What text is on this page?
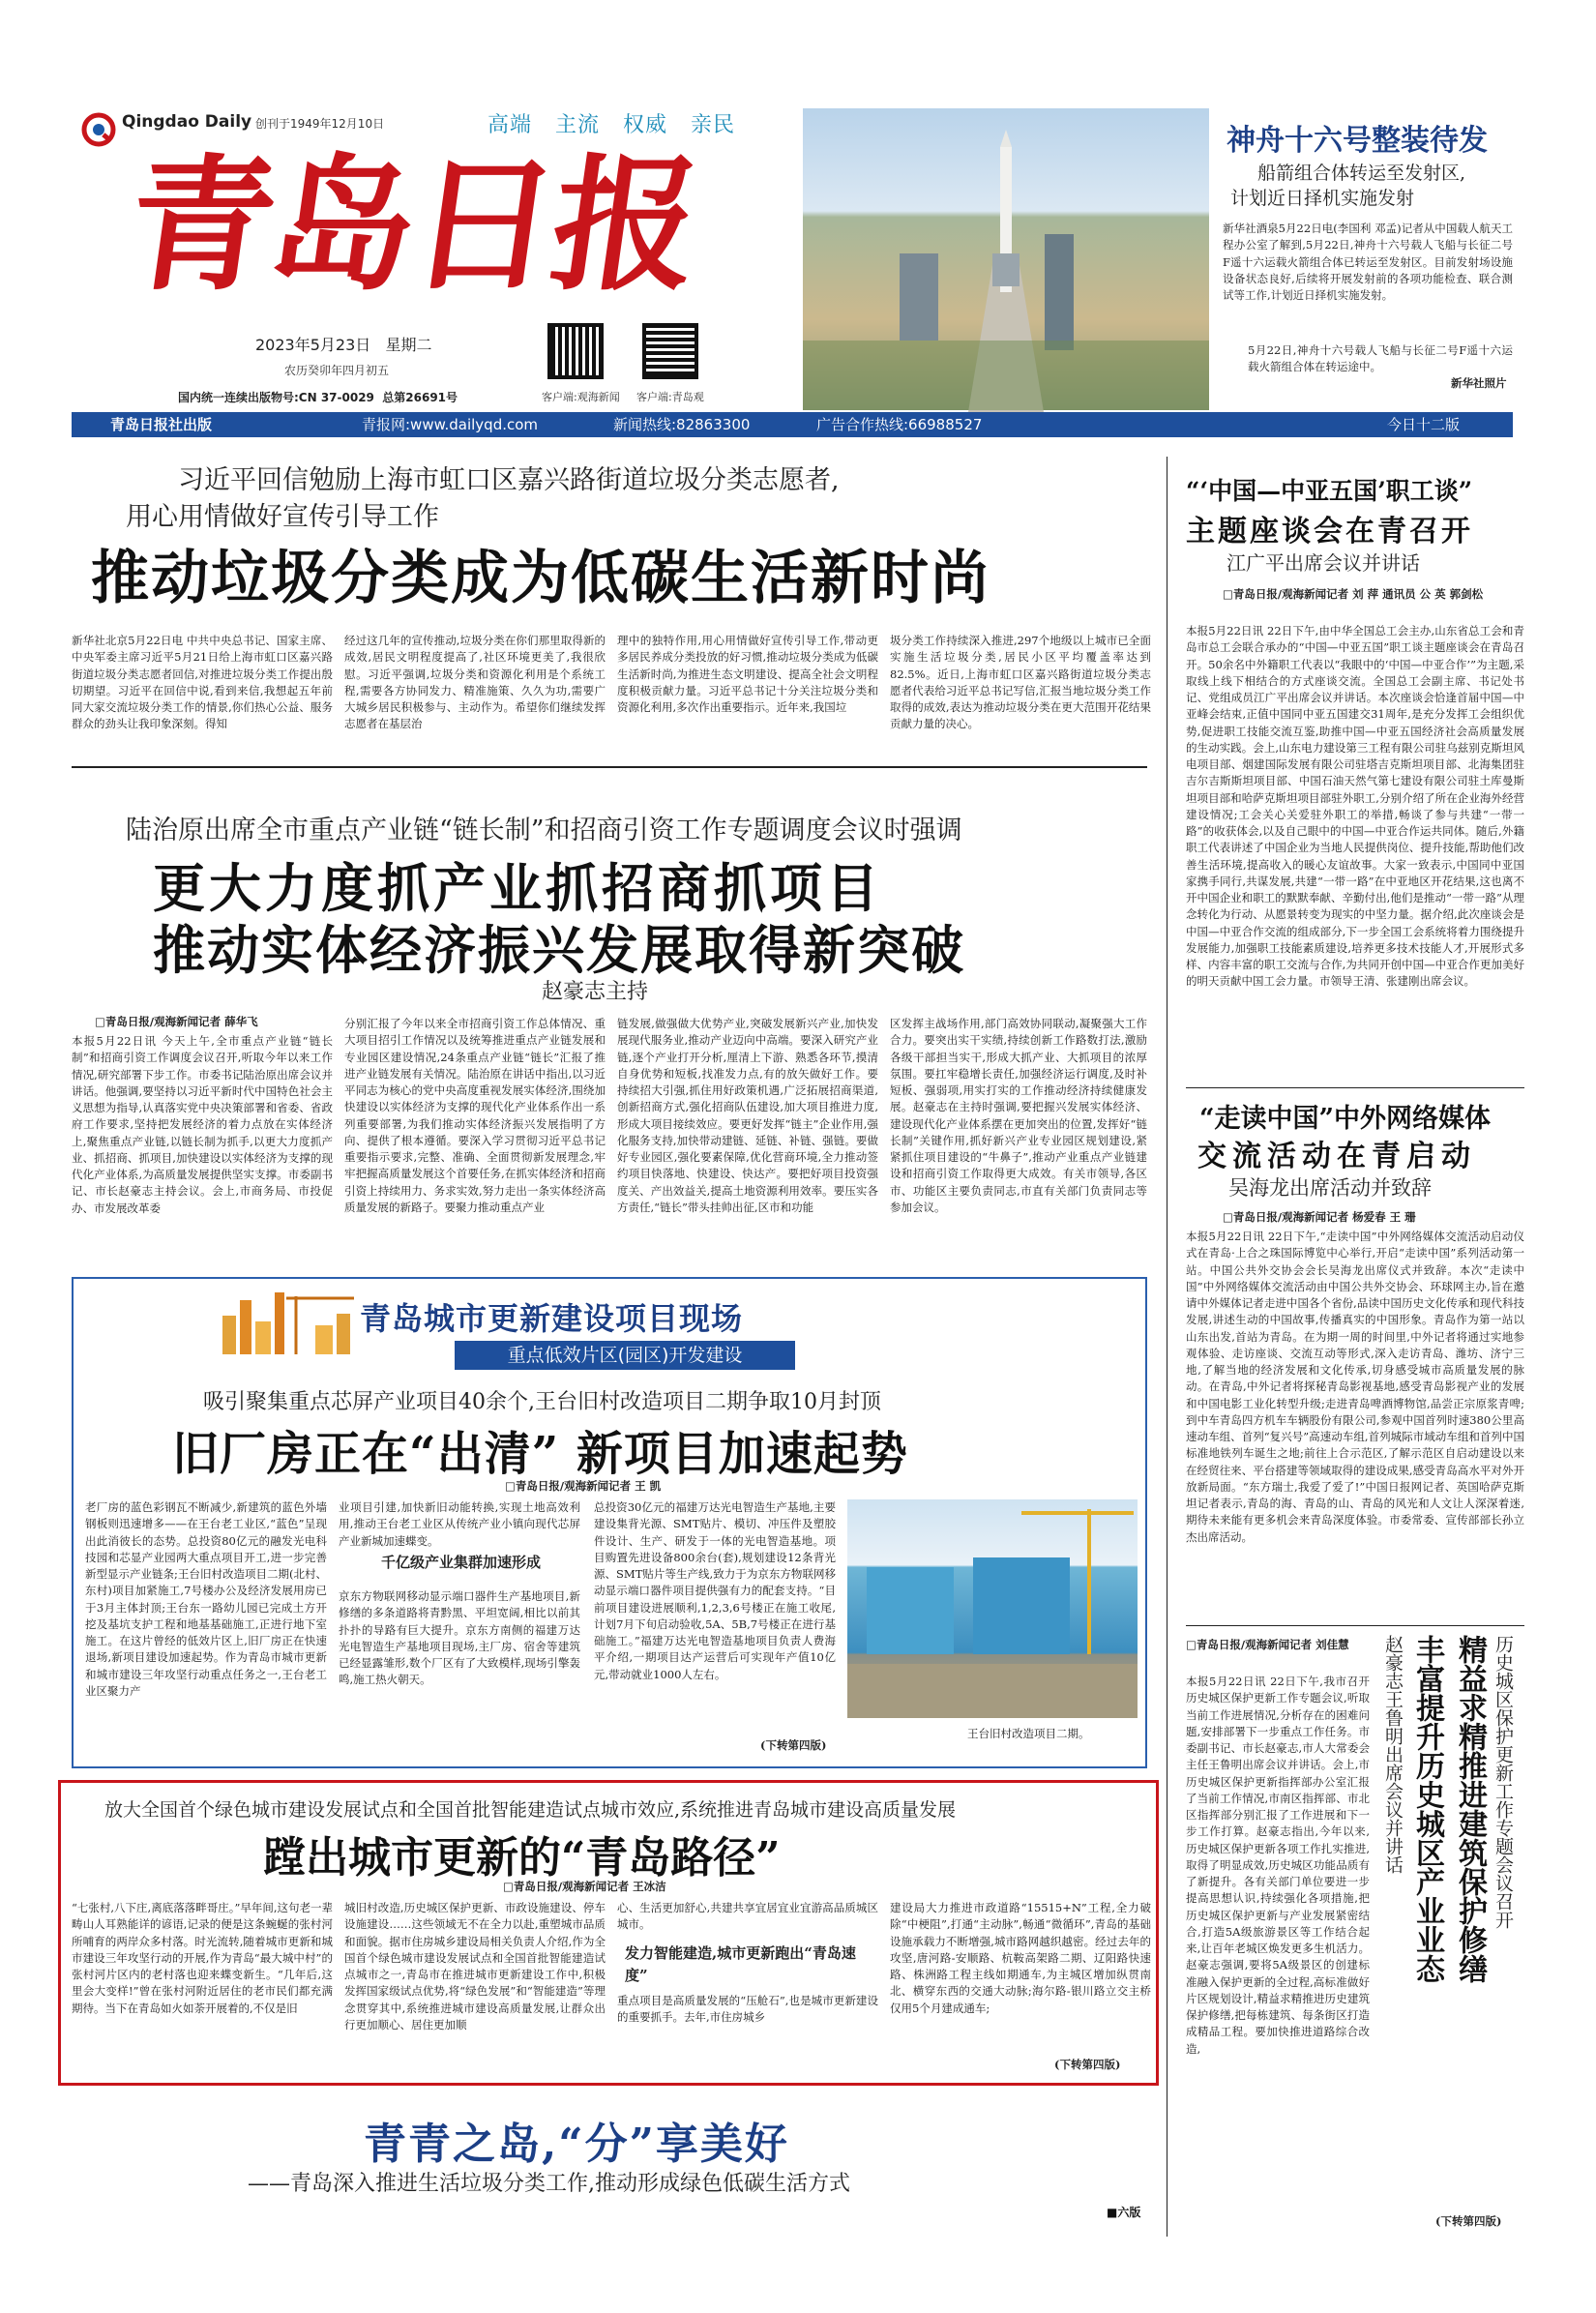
Qingdao Daily 创刊于1949年12月10日	高端 主流 权威 亲民
青岛日报
2023年5月23日 星期二
农历癸卯年四月初五
国内统一连续出版物号:CN 37-0029 总第26691号	客户端:观海新闻 客户端:青岛观
神舟十六号整装待发
船箭组合体转运至发射区,
计划近日择机实施发射
新华社酒泉5月22日电(李国利 邓孟)记者从中国载人航天工程办公室了解到,5月22日,神舟十六号载人飞船与长征二号F遥十六运载火箭组合体已转运至发射区。目前发射场设施设备状态良好,后续将开展发射前的各项功能检查、联合测试等工作,计划近日择机实施发射。
5月22日,神舟十六号载人飞船与长征二号F遥十六运载火箭组合体在转运途中。
新华社照片
青岛日报社出版	青报网:www.dailyqd.com	新闻热线:82863300	广告合作热线:66988527	今日十二版
习近平回信勉励上海市虹口区嘉兴路街道垃圾分类志愿者,
用心用情做好宣传引导工作
推动垃圾分类成为低碳生活新时尚
新华社北京5月22日电 中共中央总书记、国家主席、中央军委主席习近平5月21日给上海市虹口区嘉兴路街道垃圾分类志愿者回信,对推进垃圾分类工作提出殷切期望。习近平在回信中说,看到来信,我想起五年前同大家交流垃圾分类工作的情景,你们热心公益、服务群众的劲头让我印象深刻。得知
经过这几年的宣传推动,垃圾分类在你们那里取得新的成效,居民文明程度提高了,社区环境更美了,我很欣慰。习近平强调,垃圾分类和资源化利用是个系统工程,需要各方协同发力、精准施策、久久为功,需要广大城乡居民积极参与、主动作为。希望你们继续发挥志愿者在基层治
理中的独特作用,用心用情做好宣传引导工作,带动更多居民养成分类投放的好习惯,推动垃圾分类成为低碳生活新时尚,为推进生态文明建设、提高全社会文明程度积极贡献力量。习近平总书记十分关注垃圾分类和资源化利用,多次作出重要指示。近年来,我国垃
圾分类工作持续深入推进,297个地级以上城市已全面实施生活垃圾分类,居民小区平均覆盖率达到82.5%。近日,上海市虹口区嘉兴路街道垃圾分类志愿者代表给习近平总书记写信,汇报当地垃圾分类工作取得的成效,表达为推动垃圾分类在更大范围开花结果贡献力量的决心。
陆治原出席全市重点产业链“链长制”和招商引资工作专题调度会议时强调
更大力度抓产业抓招商抓项目
推动实体经济振兴发展取得新突破
赵豪志主持
□青岛日报/观海新闻记者 薛华飞
本报5月22日讯 今天上午,全市重点产业链“链长制”和招商引资工作调度会议召开,听取今年以来工作情况,研究部署下步工作。市委书记陆治原出席会议并讲话。他强调,要坚持以习近平新时代中国特色社会主义思想为指导,认真落实党中央决策部署和省委、省政府工作要求,坚持把发展经济的着力点放在实体经济上,聚焦重点产业链,以链长制为抓手,以更大力度抓产业、抓招商、抓项目,加快建设以实体经济为支撑的现代化产业体系,为高质量发展提供坚实支撑。市委副书记、市长赵豪志主持会议。会上,市商务局、市投促办、市发展改革委
分别汇报了今年以来全市招商引资工作总体情况、重大项目招引工作情况以及统筹推进重点产业链发展和专业园区建设情况,24条重点产业链“链长”汇报了推进产业链发展有关情况。陆治原在讲话中指出,以习近平同志为核心的党中央高度重视发展实体经济,围绕加快建设以实体经济为支撑的现代化产业体系作出一系列重要部署,为我们推动实体经济振兴发展指明了方向、提供了根本遵循。要深入学习贯彻习近平总书记重要指示要求,完整、准确、全面贯彻新发展理念,牢牢把握高质量发展这个首要任务,在抓实体经济和招商引资上持续用力、务求实效,努力走出一条实体经济高质量发展的新路子。要聚力推动重点产业
链发展,做强做大优势产业,突破发展新兴产业,加快发展现代服务业,推动产业迈向中高端。要深入研究产业链,逐个产业打开分析,厘清上下游、熟悉各环节,摸清自身优势和短板,找准发力点,有的放矢做好工作。要持续招大引强,抓住用好政策机遇,广泛拓展招商渠道,创新招商方式,强化招商队伍建设,加大项目推进力度,形成大项目接续效应。要更好发挥“链主”企业作用,强化服务支持,加快带动建链、延链、补链、强链。要做好专业园区,强化要素保障,优化营商环境,全力推动签约项目快落地、快建设、快达产。要把好项目投资强度关、产出效益关,提高土地资源利用效率。要压实各方责任,“链长”带头挂帅出征,区市和功能
区发挥主战场作用,部门高效协同联动,凝聚强大工作合力。要突出实干实绩,持续创新工作路数打法,激励各级干部担当实干,形成大抓产业、大抓项目的浓厚氛围。要扛牢稳增长责任,加强经济运行调度,及时补短板、强弱项,用实打实的工作推动经济持续健康发展。赵豪志在主持时强调,要把握兴发展实体经济、建设现代化产业体系摆在更加突出的位置,发挥好“链长制”关键作用,抓好新兴产业专业园区规划建设,紧紧抓住项目建设的“牛鼻子”,推动产业重点产业链建设和招商引资工作取得更大成效。有关市领导,各区市、功能区主要负责同志,市直有关部门负责同志等参加会议。
青岛城市更新建设项目现场
重点低效片区(园区)开发建设
吸引聚集重点芯屏产业项目40余个,王台旧村改造项目二期争取10月封顶
旧厂房正在“出清” 新项目加速起势
□青岛日报/观海新闻记者 王 凯
老厂房的蓝色彩钢瓦不断减少,新建筑的蓝色外墙钢板则迅速增多——在王台老工业区,“蓝色”呈现出此消彼长的态势。总投资80亿元的融发光电科技园和芯显产业园两大重点项目开工,进一步完善新型显示产业链条;王台旧村改造项目二期(北村、东村)项目加紧施工,7号楼办公及经济发展用房已于3月主体封顶;王台东一路幼儿园已完成土方开挖及基坑支护工程和地基基础施工,正进行地下室施工。在这片曾经的低效片区上,旧厂房正在快速退场,新项目建设加速起势。作为青岛市城市更新和城市建设三年攻坚行动重点任务之一,王台老工业区聚力产
业项目引建,加快新旧动能转换,实现土地高效利用,推动王台老工业区从传统产业小镇向现代芯屏产业新城加速蝶变。
千亿级产业集群加速形成
京东方物联网移动显示端口器件生产基地项目,新修缮的多条道路将青黔黑、平坦宽阔,相比以前其扑扑的导路有巨大提升。京东方南侧的福建万达光电智造生产基地项目现场,主厂房、宿舍等建筑已经显露雏形,数个厂区有了大致模样,现场引擎轰鸣,施工热火朝天。
总投资30亿元的福建万达光电智造生产基地,主要建设集背光源、SMT贴片、模切、冲压件及塑胶件设计、生产、研发于一体的光电智造基地。项目购置先进设备800余台(套),规划建设12条背光源、SMT贴片等生产线,致力于为京东方物联网移动显示端口器件项目提供强有力的配套支持。“目前项目建设进展顺利,1,2,3,6号楼正在施工收尾,计划7月下旬启动验收,5A、5B,7号楼正在进行基础施工。”福建万达光电智造基地项目负责人费海平介绍,一期项目达产运营后可实现年产值10亿元,带动就业1000人左右。
(下转第四版)
王台旧村改造项目二期。
放大全国首个绿色城市建设发展试点和全国首批智能建造试点城市效应,系统推进青岛城市建设高质量发展
蹚出城市更新的“青岛路径”
□青岛日报/观海新闻记者 王冰洁
“七张村,八下庄,离底落落畔哥庄。”早年间,这句老一辈畴山人耳熟能详的谚语,记录的便是这条蜿蜒的张村河所哺育的两岸众多村落。时光流转,随着城市更新和城市建设三年攻坚行动的开展,作为青岛“最大城中村”的张村河片区内的老村落也迎来蝶变新生。“几年后,这里会大变样!”曾在张村河附近居住的老市民们都充满期待。当下在青岛如火如荼开展着的,不仅是旧
城旧村改造,历史城区保护更新、市政设施建设、停车设施建设……这些领域无不在全力以赴,重塑城市品质和面貌。据市住房城乡建设局相关负责人介绍,作为全国首个绿色城市建设发展试点和全国首批智能建造试点城市之一,青岛市在推进城市更新建设工作中,积极发挥国家级试点优势,将“绿色发展”和“智能建造”等理念贯穿其中,系统推进城市建设高质量发展,让群众出行更加顺心、居住更加顺
心、生活更加舒心,共建共享宜居宜业宜游高品质城区城市。
发力智能建造,城市更新跑出“青岛速度”
重点项目是高质量发展的“压舱石”,也是城市更新建设的重要抓手。去年,市住房城乡
建设局大力推进市政道路“15515+N”工程,全力破除“中梗阻”,打通“主动脉”,畅通“微循环”,青岛的基础设施承载力不断增强,城市路网越织越密。经过去年的攻坚,唐河路-安顺路、杭鞍高架路二期、辽阳路快速路、株洲路工程主线如期通车,为主城区增加纵贯南北、横穿东西的交通大动脉;海尔路-银川路立交主桥仅用5个月建成通车;
(下转第四版)
青青之岛,“分”享美好
——青岛深入推进生活垃圾分类工作,推动形成绿色低碳生活方式
■六版
“‘中国—中亚五国’职工谈”
主题座谈会在青召开
江广平出席会议并讲话
□青岛日报/观海新闻记者 刘 萍 通讯员 公 英 郭剑松
本报5月22日讯 22日下午,由中华全国总工会主办,山东省总工会和青岛市总工会联合承办的“中国—中亚五国”职工谈主题座谈会在青岛召开。50余名中外籍职工代表以“我眼中的‘中国—中亚合作’”为主题,采取线上线下相结合的方式座谈交流。全国总工会副主席、书记处书记、党组成员江广平出席会议并讲话。本次座谈会恰逢首届中国—中亚峰会结束,正值中国同中亚五国建交31周年,是充分发挥工会组织优势,促进职工技能交流互鉴,助推中国—中亚五国经济社会高质量发展的生动实践。会上,山东电力建设第三工程有限公司驻乌兹别克斯坦风电项目部、烟建国际发展有限公司驻塔吉克斯坦项目部、北海集团驻吉尔吉斯斯坦项目部、中国石油天然气第七建设有限公司驻土库曼斯坦项目部和哈萨克斯坦项目部驻外职工,分别介绍了所在企业海外经营建设情况;工会关心关爱驻外职工的举措,畅谈了参与共建“一带一路”的收获体会,以及自己眼中的中国—中亚合作运共同体。随后,外籍职工代表讲述了中国企业为当地人民提供岗位、提升技能,帮助他们改善生活环境,提高收入的暖心友谊故事。大家一致表示,中国同中亚国家携手同行,共谋发展,共建“一带一路”在中亚地区开花结果,这也离不开中国企业和职工的默默奉献、辛勤付出,他们是推动“一带一路”从理念转化为行动、从愿景转变为现实的中坚力量。据介绍,此次座谈会是中国—中亚合作交流的组成部分,下一步全国工会系统将着力围绕提升发展能力,加强职工技能素质建设,培养更多技术技能人才,开展形式多样、内容丰富的职工交流与合作,为共同开创中国—中亚合作更加美好的明天贡献中国工会力量。市领导王清、张建刚出席会议。
“走读中国”中外网络媒体
交流活动在青启动
吴海龙出席活动并致辞
□青岛日报/观海新闻记者 杨爱春 王 珊
本报5月22日讯 22日下午,“走读中国”中外网络媒体交流活动启动仪式在青岛·上合之珠国际博览中心举行,开启“走读中国”系列活动第一站。中国公共外交协会会长吴海龙出席仪式并致辞。本次“走读中国”中外网络媒体交流活动由中国公共外交协会、环球网主办,旨在邀请中外媒体记者走进中国各个省份,品读中国历史文化传承和现代科技发展,讲述生动的中国故事,传播真实的中国形象。青岛作为第一站以山东出发,首站为青岛。在为期一周的时间里,中外记者将通过实地参观体验、走访座谈、交流互动等形式,深入走访青岛、潍坊、济宁三地,了解当地的经济发展和文化传承,切身感受城市高质量发展的脉动。在青岛,中外记者将探秘青岛影视基地,感受青岛影视产业的发展和中国电影工业化转型升级;走进青岛啤酒博物馆,品尝正宗原浆青啤;到中车青岛四方机车车辆股份有限公司,参观中国首列时速380公里高速动车组、首列“复兴号”高速动车组,首列城际市域动车组和首列中国标准地铁列车诞生之地;前往上合示范区,了解示范区自启动建设以来在经贸往来、平台搭建等领域取得的建设成果,感受青岛高水平对外开放新局面。“东方瑞士,我爱了爱了!”中国日报网记者、英国哈萨克斯坦记者表示,青岛的海、青岛的山、青岛的风光和人文让人深深着迷,期待未来能有更多机会来青岛深度体验。市委常委、宣传部部长孙立杰出席活动。
精益求精推进建筑保护修缮
丰富提升历史城区产业业态	历史城区保护更新工作专题会议召开
赵豪志王鲁明出席会议并讲话
□青岛日报/观海新闻记者 刘佳慧
本报5月22日讯 22日下午,我市召开历史城区保护更新工作专题会议,听取当前工作进展情况,分析存在的困难问题,安排部署下一步重点工作任务。市委副书记、市长赵豪志,市人大常委会主任王鲁明出席会议并讲话。会上,市历史城区保护更新指挥部办公室汇报了当前工作情况,市南区指挥部、市北区指挥部分别汇报了工作进展和下一步工作打算。赵豪志指出,今年以来,历史城区保护更新各项工作扎实推进,取得了明显成效,历史城区功能品质有了新提升。各有关部门单位要进一步提高思想认识,持续强化各项措施,把历史城区保护更新与产业发展紧密结合,打造5A级旅游景区等工作结合起来,让百年老城区焕发更多生机活力。赵豪志强调,要将5A级景区的创建标准融入保护更新的全过程,高标准做好片区规划设计,精益求精推进历史建筑保护修缮,把每栋建筑、每条街区打造成精品工程。要加快推进道路综合改造,
(下转第四版)
